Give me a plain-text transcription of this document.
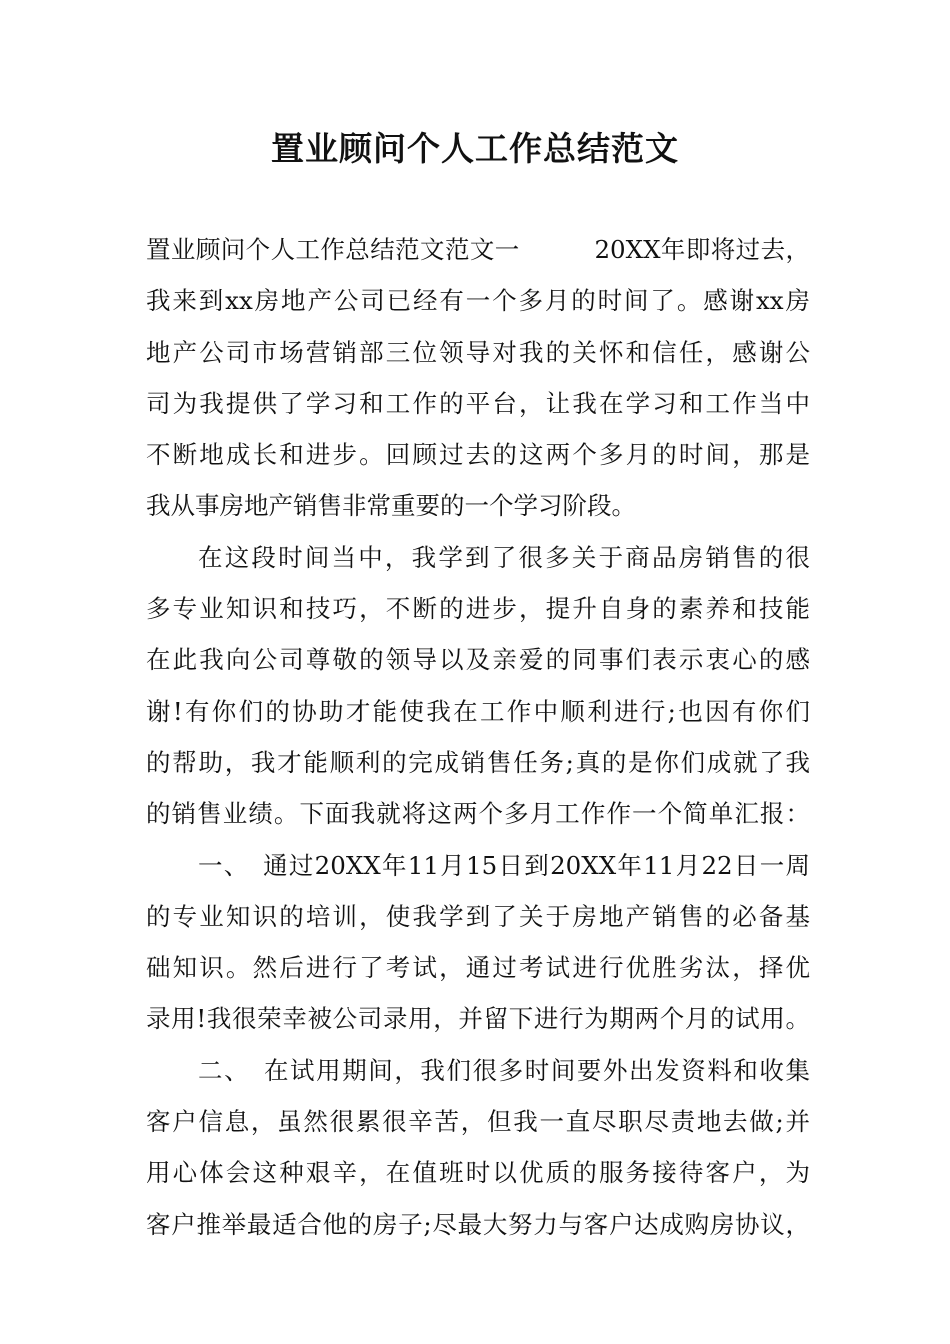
置业顾问个人工作总结范文
置业顾问个人工作总结范文范文一　　　20XX年即将过去，
我来到xx房地产公司已经有一个多月的时间了。感谢xx房
地产公司市场营销部三位领导对我的关怀和信任，感谢公
司为我提供了学习和工作的平台，让我在学习和工作当中
不断地成长和进步。回顾过去的这两个多月的时间，那是
我从事房地产销售非常重要的一个学习阶段。
在这段时间当中，我学到了很多关于商品房销售的很
多专业知识和技巧，不断的进步，提升自身的素养和技能
在此我向公司尊敬的领导以及亲爱的同事们表示衷心的感
谢!有你们的协助才能使我在工作中顺利进行;也因有你们
的帮助，我才能顺利的完成销售任务;真的是你们成就了我
的销售业绩。下面我就将这两个多月工作作一个简单汇报：
一、　通过20XX年11月15日到20XX年11月22日一周
的专业知识的培训，使我学到了关于房地产销售的必备基
础知识。然后进行了考试，通过考试进行优胜劣汰，择优
录用!我很荣幸被公司录用，并留下进行为期两个月的试用。
二、　在试用期间，我们很多时间要外出发资料和收集
客户信息，虽然很累很辛苦，但我一直尽职尽责地去做;并
用心体会这种艰辛，在值班时以优质的服务接待客户，为
客户推举最适合他的房子;尽最大努力与客户达成购房协议，
